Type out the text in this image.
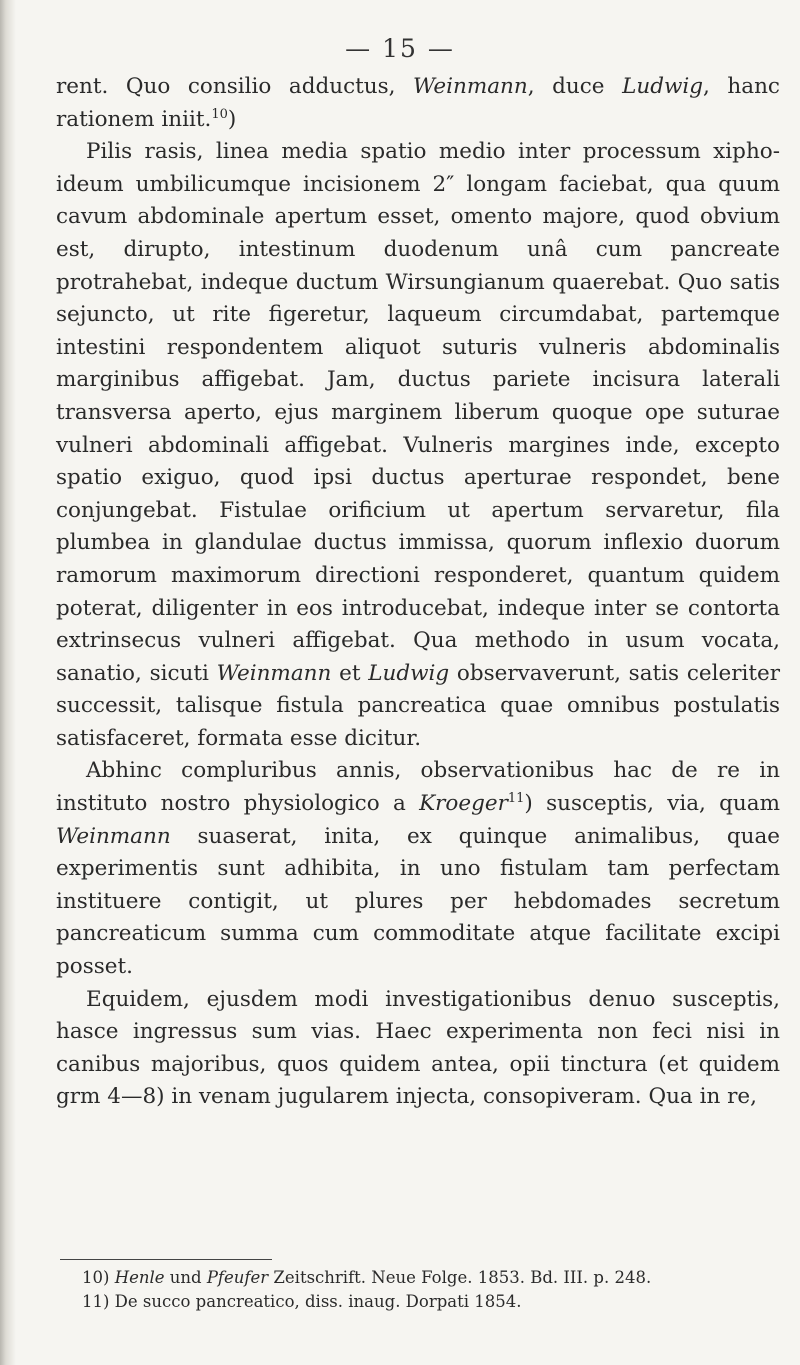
— 15 —

rent. Quo consilio adductus, Weinmann, duce Ludwig, hanc rationem iniit.$^{10}$)

Pilis rasis, linea media spatio medio inter processum xipho-ideum umbilicumque incisionem 2″ longam faciebat, qua quum cavum abdominale apertum esset, omento majore, quod obvium est, dirupto, intestinum duodenum unâ cum pancreate protrahebat, indeque ductum Wirsungianum quaerebat. Quo satis sejuncto, ut rite figeretur, laqueum circumdabat, partemque intestini respondentem aliquot suturis vulneris abdominalis marginibus affigebat. Jam, ductus pariete incisura laterali transversa aperto, ejus marginem liberum quoque ope suturae vulneri abdominali affigebat. Vulneris margines inde, excepto spatio exiguo, quod ipsi ductus aperturae respondet, bene conjungebat. Fistulae orificium ut apertum servaretur, fila plumbea in glandulae ductus immissa, quorum inflexio duorum ramorum maximorum directioni responderet, quantum quidem poterat, diligenter in eos introducebat, indeque inter se contorta extrinsecus vulneri affigebat. Qua methodo in usum vocata, sanatio, sicuti Weinmann et Ludwig observaverunt, satis celeriter successit, talisque fistula pancreatica quae omnibus postulatis satisfaceret, formata esse dicitur.

Abhinc compluribus annis, observationibus hac de re in instituto nostro physiologico a Kroeger$^{11}$) susceptis, via, quam Weinmann suaserat, inita, ex quinque animalibus, quae experimentis sunt adhibita, in uno fistulam tam perfectam instituere contigit, ut plures per hebdomades secretum pancreaticum summa cum commoditate atque facilitate excipi posset.

Equidem, ejusdem modi investigationibus denuo susceptis, hasce ingressus sum vias. Haec experimenta non feci nisi in canibus majoribus, quos quidem antea, opii tinctura (et quidem grm 4—8) in venam jugularem injecta, consopiveram. Qua in re,

10) Henle und Pfeufer Zeitschrift. Neue Folge. 1853. Bd. III. p. 248.
11) De succo pancreatico, diss. inaug. Dorpati 1854.
